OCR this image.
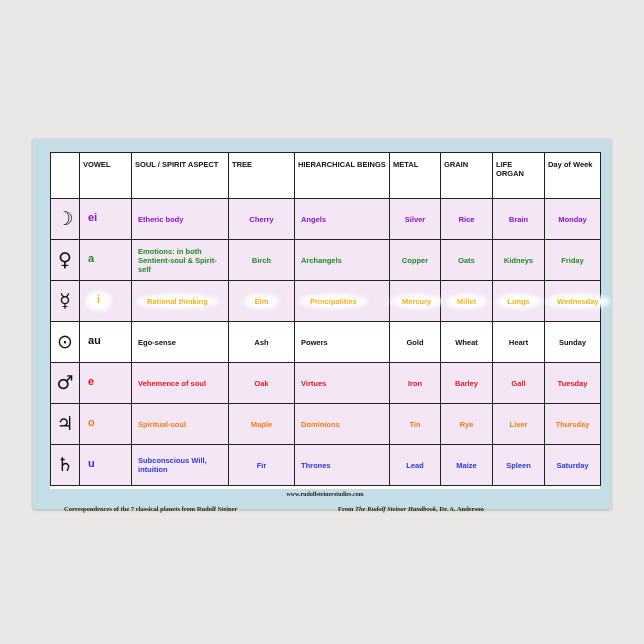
	VOWEL	SOUL / SPIRIT ASPECT	TREE	HIERARCHICAL BEINGS	METAL	GRAIN	LIFE ORGAN	Day of Week
☽	ei	Etheric body	Cherry	Angels	Silver	Rice	Brain	Monday
♀	a	Emotions: in both Sentient-soul & Spirit-self	Birch	Archangels	Copper	Oats	Kidneys	Friday
☿	i	Rational thinking	Elm	Principalities	Mercury	Millet	Lungs	Wednesday
⊙	au	Ego-sense	Ash	Powers	Gold	Wheat	Heart	Sunday
♂	e	Vehemence of soul	Oak	Virtues	Iron	Barley	Gall	Tuesday
♃	o	Spiritual-soul	Maple	Dominions	Tin	Rye	Liver	Thursday
♄	u	Subconscious Will, intuition	Fir	Thrones	Lead	Maize	Spleen	Saturday
www.rudolfsteinerstudies.com
Correspondences of the 7 classical planets from Rudolf Steiner	From The Rudolf Steiner Handbook, Dr. A. Anderson
